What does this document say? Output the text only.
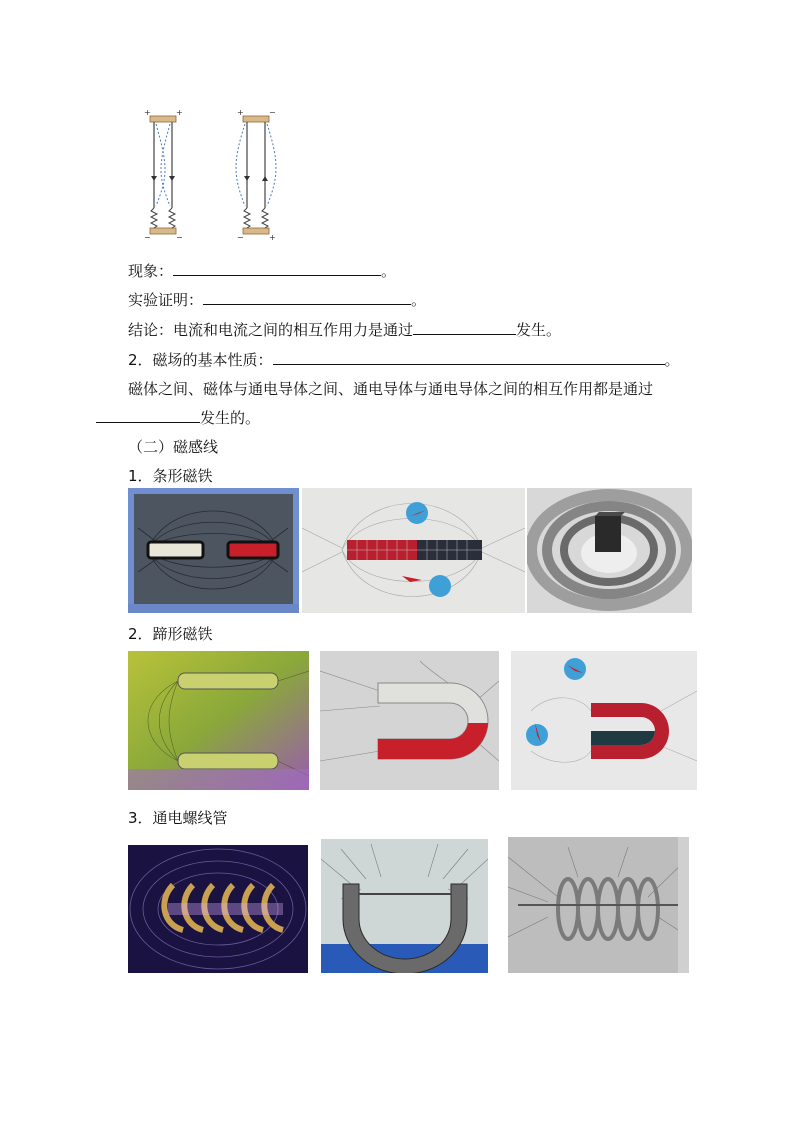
+	+
−	−
+	−
−	+
现象：	。
实验证明：	。
结论：电流和电流之间的相互作用力是通过	发生。
2．磁场的基本性质：	。
磁体之间、磁体与通电导体之间、通电导体与通电导体之间的相互作用都是通过
发生的。
（二）磁感线
1．条形磁铁
2．蹄形磁铁
3．通电螺线管
